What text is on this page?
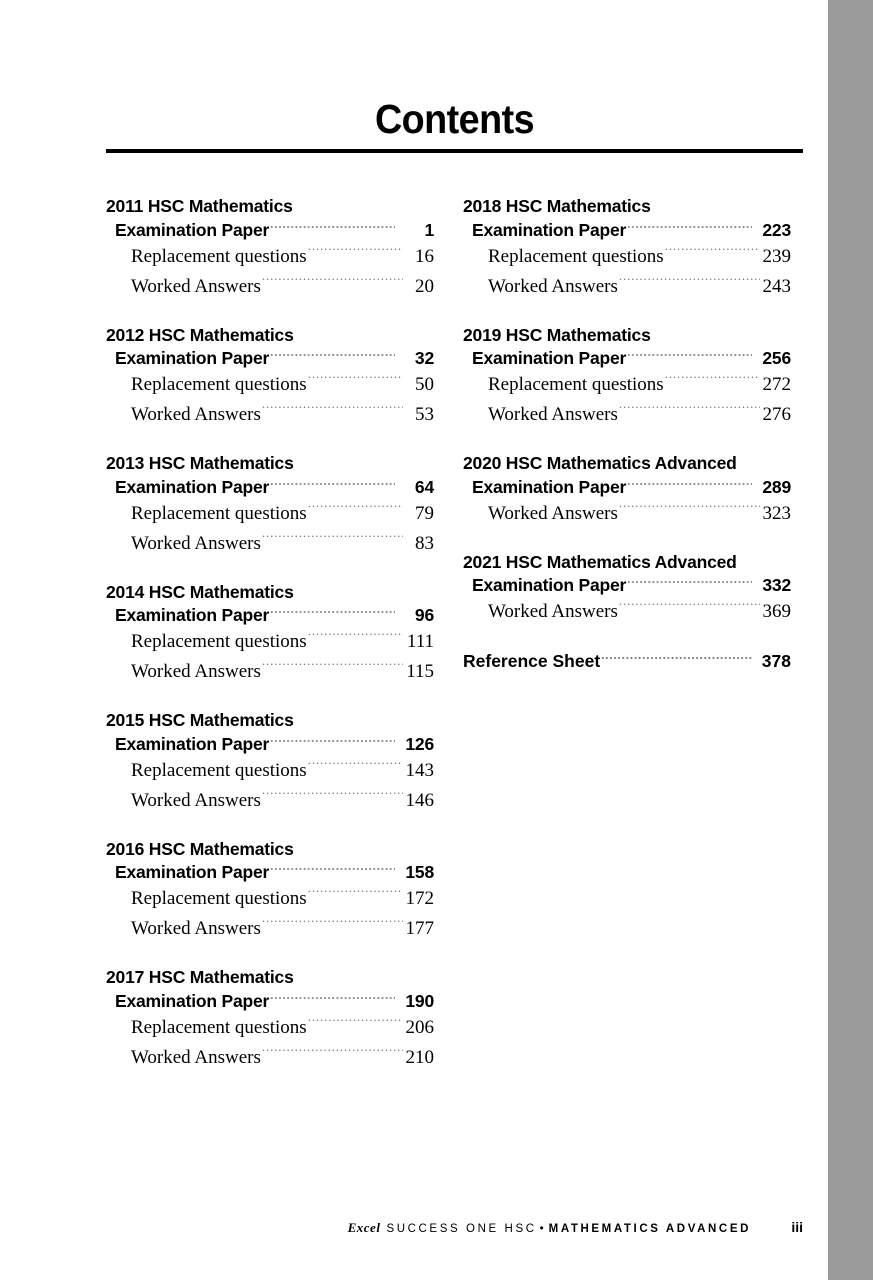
Contents
2011 HSC Mathematics
Examination Paper . . .	1
Replacement questions . . .	16
Worked Answers . . .	20
2012 HSC Mathematics
Examination Paper . . .	32
Replacement questions . . .	50
Worked Answers . . .	53
2013 HSC Mathematics
Examination Paper . . .	64
Replacement questions . . .	79
Worked Answers . . .	83
2014 HSC Mathematics
Examination Paper . . .	96
Replacement questions . . .	111
Worked Answers . . .	115
2015 HSC Mathematics
Examination Paper . . .	126
Replacement questions . . .	143
Worked Answers . . .	146
2016 HSC Mathematics
Examination Paper . . .	158
Replacement questions . . .	172
Worked Answers . . .	177
2017 HSC Mathematics
Examination Paper . . .	190
Replacement questions . . .	206
Worked Answers . . .	210
2018 HSC Mathematics
Examination Paper . . .	223
Replacement questions . . .	239
Worked Answers . . .	243
2019 HSC Mathematics
Examination Paper . . .	256
Replacement questions . . .	272
Worked Answers . . .	276
2020 HSC Mathematics Advanced
Examination Paper . . .	289
Worked Answers . . .	323
2021 HSC Mathematics Advanced
Examination Paper . . .	332
Worked Answers . . .	369
Reference Sheet . . .	378
Excel SUCCESS ONE HSC • MATHEMATICS ADVANCED	iii
